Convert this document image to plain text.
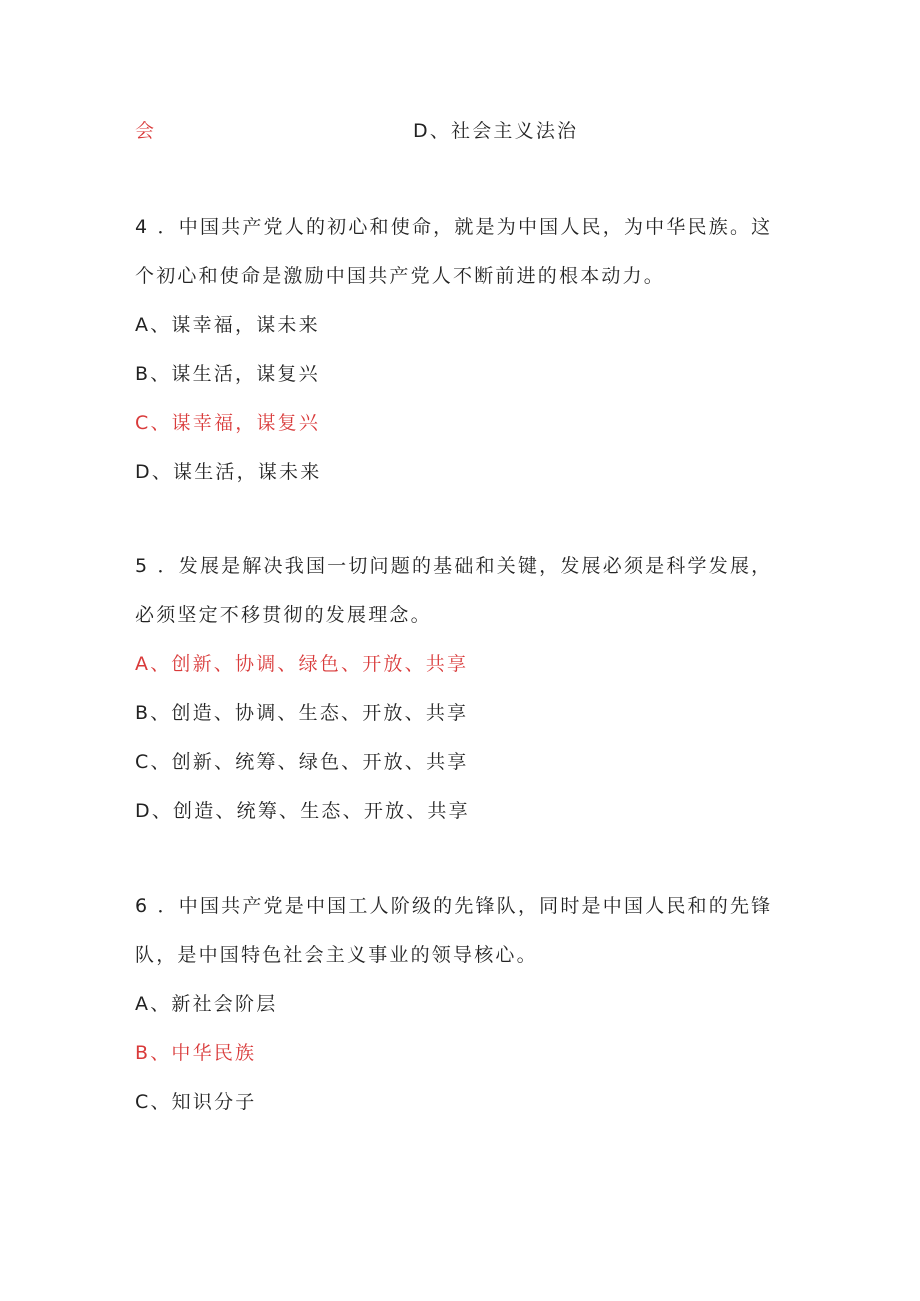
会	D、社会主义法治
4 ．中国共产党人的初心和使命，就是为中国人民，为中华民族。这
个初心和使命是激励中国共产党人不断前进的根本动力。
A、谋幸福，谋未来
B、谋生活，谋复兴
C、谋幸福，谋复兴
D、谋生活，谋未来
5 ．发展是解决我国一切问题的基础和关键，发展必须是科学发展，
必须坚定不移贯彻的发展理念。
A、创新、协调、绿色、开放、共享
B、创造、协调、生态、开放、共享
C、创新、统筹、绿色、开放、共享
D、创造、统筹、生态、开放、共享
6 ．中国共产党是中国工人阶级的先锋队，同时是中国人民和的先锋
队，是中国特色社会主义事业的领导核心。
A、新社会阶层
B、中华民族
C、知识分子
